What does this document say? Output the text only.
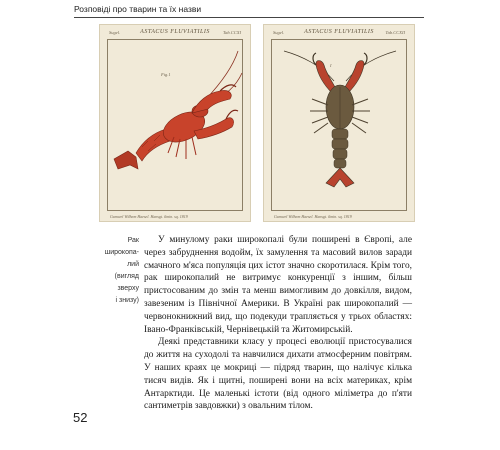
Розповіді про тварин та їх назви
Sugel.	ASTACUS FLUVIATILIS	Tab.CCXI
Gumwel Wilhem Haesel. Hansgt. ilmin. sq. 1819
Sugel.	ASTACUS FLUVIATILIS	Tab.CCXII
I
Gumwel Wilhem Haesel. Hansgt. ilmin. sq. 1819
Fig.1
Рак
широкопа-
лий
(вигляд
зверху
і знизу)

У минулому раки широкопалі були поширені в Європі, але через забруднення водойм, їх замулення та масовий вилов заради смачного м'яса популяція цих істот значно скоротилася. Крім того, рак широкопалий не витримує конкуренції з іншим, більш пристосованим до змін та менш вимогливим до довкілля, видом, завезеним із Північної Америки. В Україні рак широкопалий — червонокнижний вид, що подекуди трапляється у трьох областях: Івано-Франківській, Чернівецькій та Житомирській.

Деякі представники класу у процесі еволюції пристосувалися до життя на суходолі та навчилися дихати атмосферним повітрям. У наших краях це мокриці — підряд тварин, що налічує кілька тисяч видів. Як і щитні, поширені вони на всіх материках, крім Антарктиди. Це маленькі істоти (від одного міліметра до п'яти сантиметрів завдовжки) з овальним тілом.

52
